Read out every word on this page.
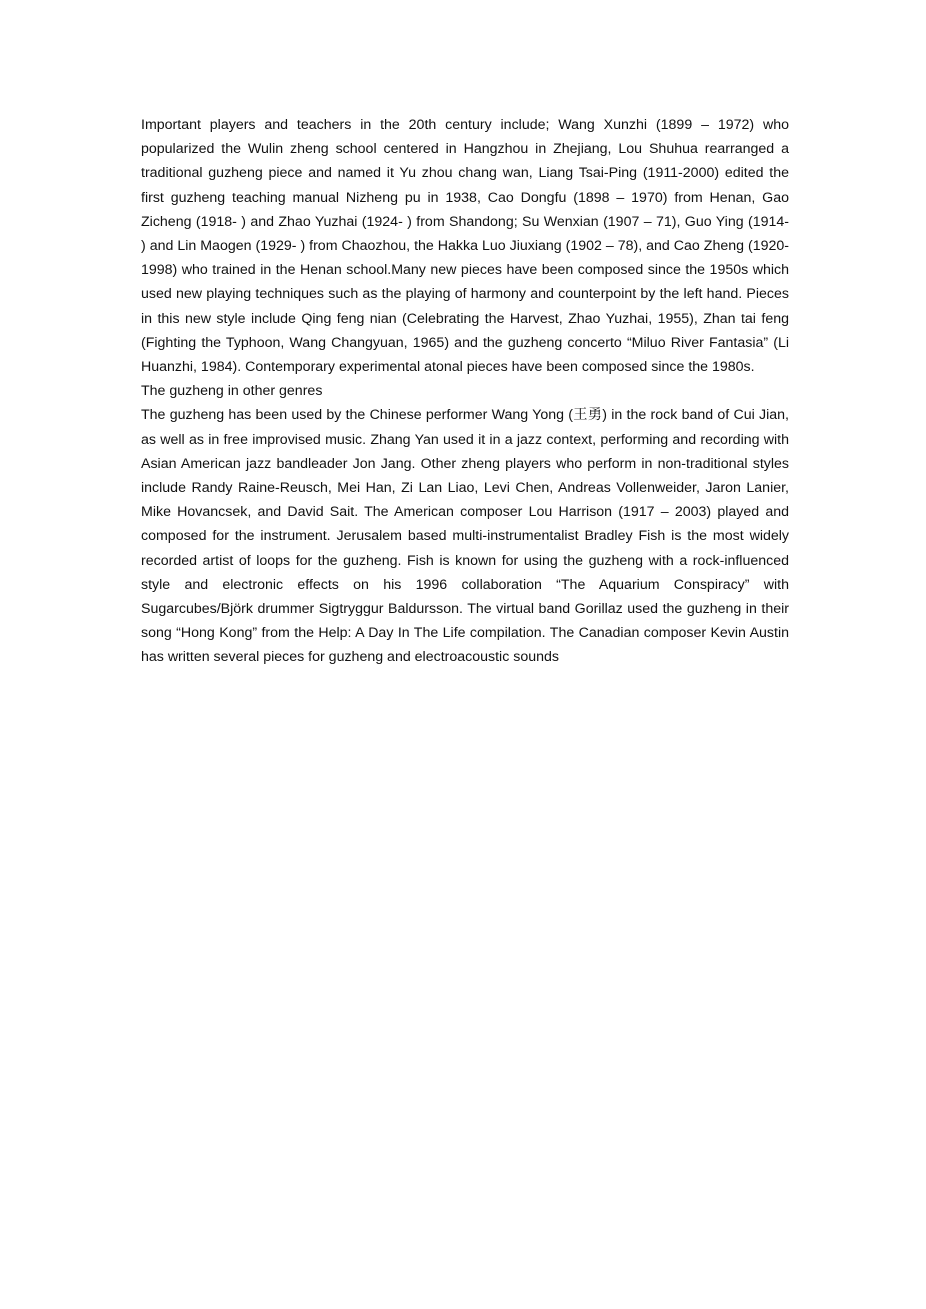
Important players and teachers in the 20th century include; Wang Xunzhi (1899 – 1972) who popularized the Wulin zheng school centered in Hangzhou in Zhejiang, Lou Shuhua rearranged a traditional guzheng piece and named it Yu zhou chang wan, Liang Tsai-Ping (1911-2000) edited the first guzheng teaching manual Nizheng pu in 1938, Cao Dongfu (1898 – 1970) from Henan, Gao Zicheng (1918- ) and Zhao Yuzhai (1924- ) from Shandong; Su Wenxian (1907 – 71), Guo Ying (1914- ) and Lin Maogen (1929- ) from Chaozhou, the Hakka Luo Jiuxiang (1902 – 78), and Cao Zheng (1920-1998) who trained in the Henan school.Many new pieces have been composed since the 1950s which used new playing techniques such as the playing of harmony and counterpoint by the left hand. Pieces in this new style include Qing feng nian (Celebrating the Harvest, Zhao Yuzhai, 1955), Zhan tai feng (Fighting the Typhoon, Wang Changyuan, 1965) and the guzheng concerto “Miluo River Fantasia” (Li Huanzhi, 1984). Contemporary experimental atonal pieces have been composed since the 1980s.

The guzheng in other genres

The guzheng has been used by the Chinese performer Wang Yong (王勇) in the rock band of Cui Jian, as well as in free improvised music. Zhang Yan used it in a jazz context, performing and recording with Asian American jazz bandleader Jon Jang. Other zheng players who perform in non-traditional styles include Randy Raine-Reusch, Mei Han, Zi Lan Liao, Levi Chen, Andreas Vollenweider, Jaron Lanier, Mike Hovancsek, and David Sait. The American composer Lou Harrison (1917 – 2003) played and composed for the instrument. Jerusalem based multi-instrumentalist Bradley Fish is the most widely recorded artist of loops for the guzheng. Fish is known for using the guzheng with a rock-influenced style and electronic effects on his 1996 collaboration “The Aquarium Conspiracy” with Sugarcubes/Björk drummer Sigtryggur Baldursson. The virtual band Gorillaz used the guzheng in their song “Hong Kong” from the Help: A Day In The Life compilation. The Canadian composer Kevin Austin has written several pieces for guzheng and electroacoustic sounds
